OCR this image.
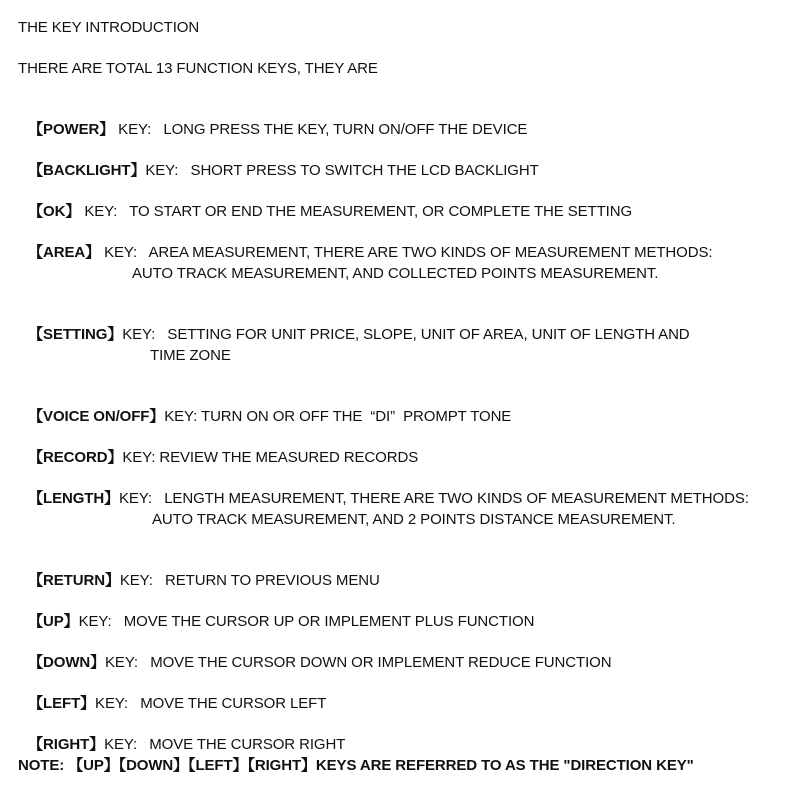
THE KEY INTRODUCTION
THERE ARE TOTAL 13 FUNCTION KEYS, THEY ARE

【POWER】 KEY:   LONG PRESS THE KEY, TURN ON/OFF THE DEVICE

【BACKLIGHT】KEY:   SHORT PRESS TO SWITCH THE LCD BACKLIGHT

【OK】 KEY:   TO START OR END THE MEASUREMENT, OR COMPLETE THE SETTING

【AREA】 KEY:   AREA MEASUREMENT, THERE ARE TWO KINDS OF MEASUREMENT METHODS:

AUTO TRACK MEASUREMENT, AND COLLECTED POINTS MEASUREMENT.

【SETTING】KEY:   SETTING FOR UNIT PRICE, SLOPE, UNIT OF AREA, UNIT OF LENGTH AND

TIME ZONE

【VOICE ON/OFF】KEY: TURN ON OR OFF THE  “DI”  PROMPT TONE

【RECORD】KEY: REVIEW THE MEASURED RECORDS

【LENGTH】KEY:   LENGTH MEASUREMENT, THERE ARE TWO KINDS OF MEASUREMENT METHODS:

AUTO TRACK MEASUREMENT, AND 2 POINTS DISTANCE MEASUREMENT.

【RETURN】KEY:   RETURN TO PREVIOUS MENU

【UP】KEY:   MOVE THE CURSOR UP OR IMPLEMENT PLUS FUNCTION

【DOWN】KEY:   MOVE THE CURSOR DOWN OR IMPLEMENT REDUCE FUNCTION

【LEFT】KEY:   MOVE THE CURSOR LEFT

【RIGHT】KEY:   MOVE THE CURSOR RIGHT

NOTE: 【UP】【DOWN】【LEFT】【RIGHT】KEYS ARE REFERRED TO AS THE "DIRECTION KEY"
